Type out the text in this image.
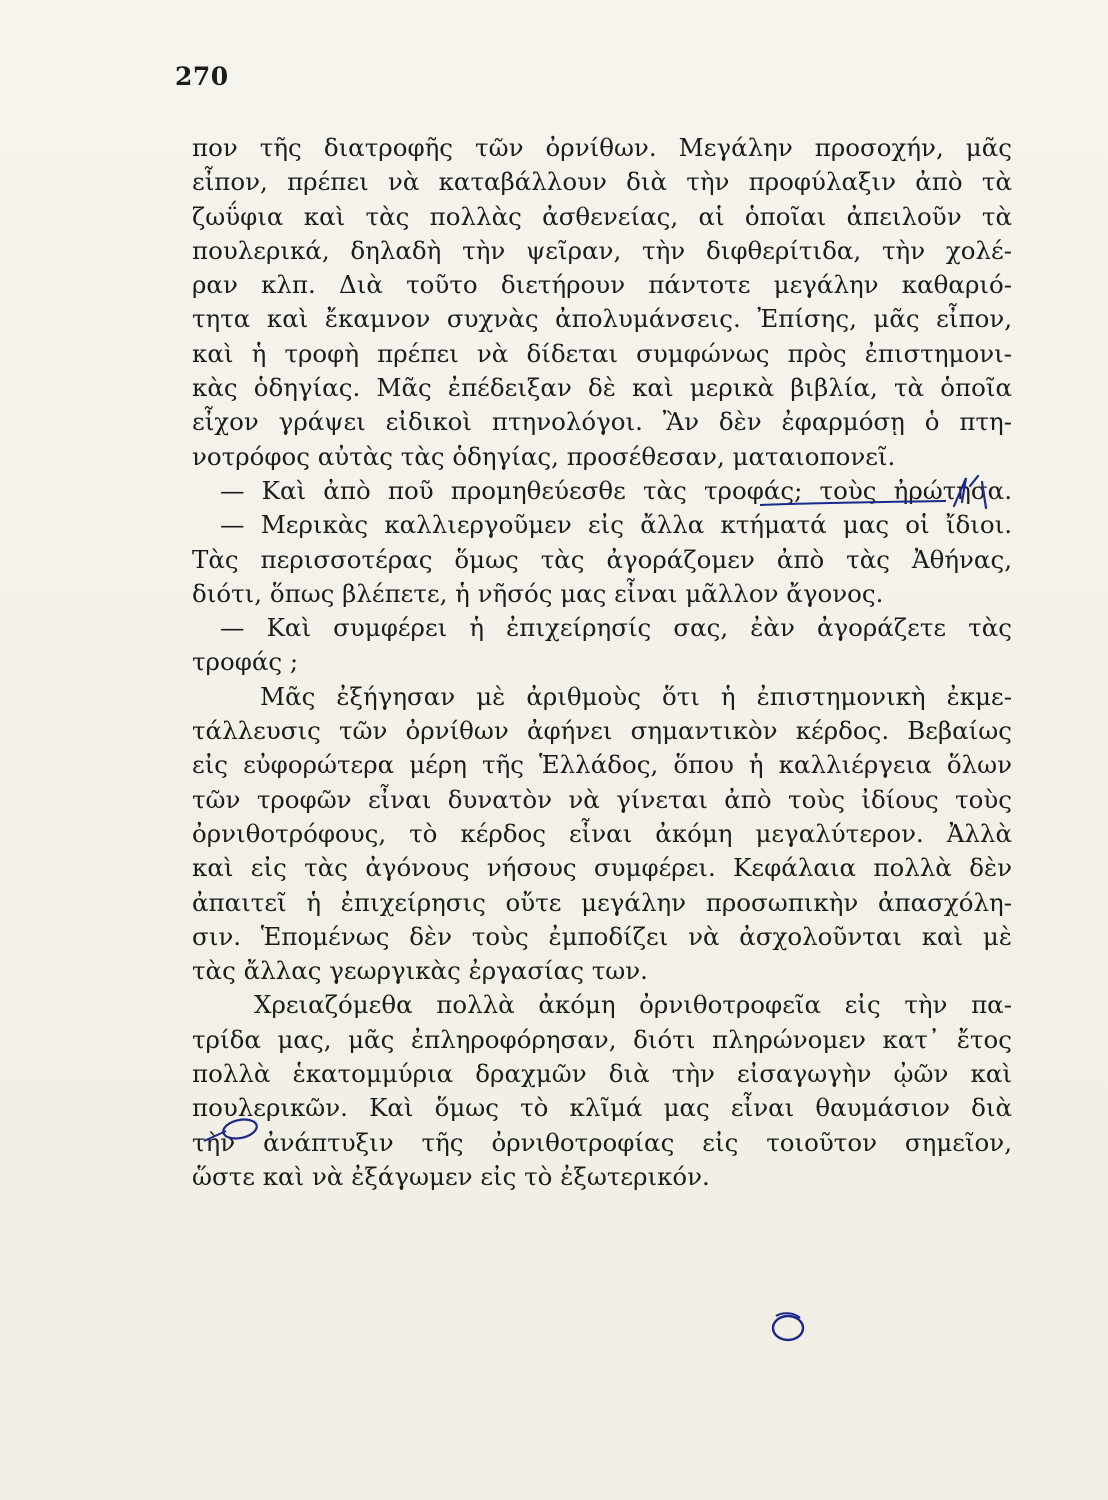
270
πον τῆς διατροφῆς τῶν ὀρνίθων. Μεγάλην προσοχήν, μᾶς
εἶπον, πρέπει νὰ καταβάλλουν διὰ τὴν προφύλαξιν ἀπὸ τὰ
ζωΰφια καὶ τὰς πολλὰς ἀσθενείας, αἱ ὁποῖαι ἀπειλοῦν τὰ
πουλερικά, δηλαδὴ τὴν ψεῖραν, τὴν διφθερίτιδα, τὴν χολέ-
ραν κλπ. Διὰ τοῦτο διετήρουν πάντοτε μεγάλην καθαριό-
τητα καὶ ἔκαμνον συχνὰς ἀπολυμάνσεις. Ἐπίσης, μᾶς εἶπον,
καὶ ἡ τροφὴ πρέπει νὰ δίδεται συμφώνως πρὸς ἐπιστημονι-
κὰς ὁδηγίας. Μᾶς ἐπέδειξαν δὲ καὶ μερικὰ βιβλία, τὰ ὁποῖα
εἶχον γράψει εἰδικοὶ πτηνολόγοι. Ἂν δὲν ἐφαρμόσῃ ὁ πτη-
νοτρόφος αὐτὰς τὰς ὁδηγίας, προσέθεσαν, ματαιοπονεῖ.
— Καὶ ἀπὸ ποῦ προμηθεύεσθε τὰς τροφάς; τοὺς ἠρώτησα.
— Μερικὰς καλλιεργοῦμεν εἰς ἄλλα κτήματά μας οἱ ἴδιοι.
Τὰς περισσοτέρας ὅμως τὰς ἀγοράζομεν ἀπὸ τὰς Ἀθήνας,
διότι, ὅπως βλέπετε, ἡ νῆσός μας εἶναι μᾶλλον ἄγονος.
— Καὶ συμφέρει ἡ ἐπιχείρησίς σας, ἐὰν ἀγοράζετε τὰς
τροφάς ;
Μᾶς ἐξήγησαν μὲ ἀριθμοὺς ὅτι ἡ ἐπιστημονικὴ ἐκμε-
τάλλευσις τῶν ὀρνίθων ἀφήνει σημαντικὸν κέρδος. Βεβαίως
εἰς εὐφορώτερα μέρη τῆς Ἑλλάδος, ὅπου ἡ καλλιέργεια ὅλων
τῶν τροφῶν εἶναι δυνατὸν νὰ γίνεται ἀπὸ τοὺς ἰδίους τοὺς
ὀρνιθοτρόφους, τὸ κέρδος εἶναι ἀκόμη μεγαλύτερον. Ἀλλὰ
καὶ εἰς τὰς ἀγόνους νήσους συμφέρει. Κεφάλαια πολλὰ δὲν
ἀπαιτεῖ ἡ ἐπιχείρησις οὔτε μεγάλην προσωπικὴν ἀπασχόλη-
σιν. Ἑπομένως δὲν τοὺς ἐμποδίζει νὰ ἀσχολοῦνται καὶ μὲ
τὰς ἄλλας γεωργικὰς ἐργασίας των.
Χρειαζόμεθα πολλὰ ἀκόμη ὀρνιθοτροφεῖα εἰς τὴν πα-
τρίδα μας, μᾶς ἐπληροφόρησαν, διότι πληρώνομεν κατ᾿ ἔτος
πολλὰ ἑκατομμύρια δραχμῶν διὰ τὴν εἰσαγωγὴν ᾠῶν καὶ
πουλερικῶν. Καὶ ὅμως τὸ κλῖμά μας εἶναι θαυμάσιον διὰ
τὴν ἀνάπτυξιν τῆς ὀρνιθοτροφίας εἰς τοιοῦτον σημεῖον,
ὥστε καὶ νὰ ἐξάγωμεν εἰς τὸ ἐξωτερικόν.
